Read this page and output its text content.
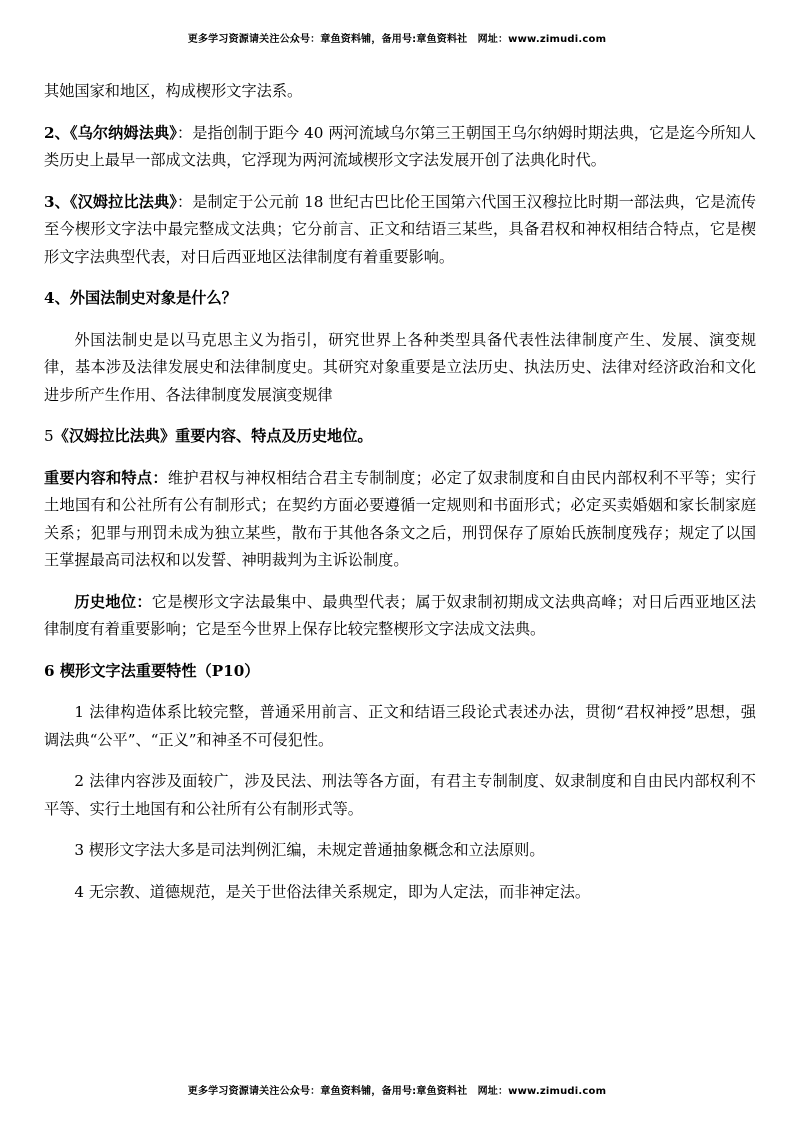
更多学习资源请关注公众号：章鱼资料铺，备用号:章鱼资料社　网址：www.zimudi.com

其她国家和地区，构成楔形文字法系。

2、《乌尔纳姆法典》：是指创制于距今 40 两河流域乌尔第三王朝国王乌尔纳姆时期法典，它是迄今所知人类历史上最早一部成文法典，它浮现为两河流域楔形文字法发展开创了法典化时代。

3、《汉姆拉比法典》：是制定于公元前 18 世纪古巴比伦王国第六代国王汉穆拉比时期一部法典，它是流传至今楔形文字法中最完整成文法典；它分前言、正文和结语三某些，具备君权和神权相结合特点，它是楔形文字法典型代表，对日后西亚地区法律制度有着重要影响。

4、外国法制史对象是什么？

外国法制史是以马克思主义为指引，研究世界上各种类型具备代表性法律制度产生、发展、演变规律，基本涉及法律发展史和法律制度史。其研究对象重要是立法历史、执法历史、法律对经济政治和文化进步所产生作用、各法律制度发展演变规律

5《汉姆拉比法典》重要内容、特点及历史地位。

重要内容和特点：维护君权与神权相结合君主专制制度；必定了奴隶制度和自由民内部权利不平等；实行土地国有和公社所有公有制形式；在契约方面必要遵循一定规则和书面形式；必定买卖婚姻和家长制家庭关系；犯罪与刑罚未成为独立某些，散布于其他各条文之后，刑罚保存了原始氏族制度残存；规定了以国王掌握最高司法权和以发誓、神明裁判为主诉讼制度。

历史地位：它是楔形文字法最集中、最典型代表；属于奴隶制初期成文法典高峰；对日后西亚地区法律制度有着重要影响；它是至今世界上保存比较完整楔形文字法成文法典。

6 楔形文字法重要特性（P10）

1 法律构造体系比较完整，普通采用前言、正文和结语三段论式表述办法，贯彻“君权神授”思想，强调法典“公平”、“正义”和神圣不可侵犯性。

2 法律内容涉及面较广，涉及民法、刑法等各方面，有君主专制制度、奴隶制度和自由民内部权利不平等、实行土地国有和公社所有公有制形式等。

3 楔形文字法大多是司法判例汇编，未规定普通抽象概念和立法原则。

4 无宗教、道德规范，是关于世俗法律关系规定，即为人定法，而非神定法。

更多学习资源请关注公众号：章鱼资料铺，备用号:章鱼资料社　网址：www.zimudi.com
